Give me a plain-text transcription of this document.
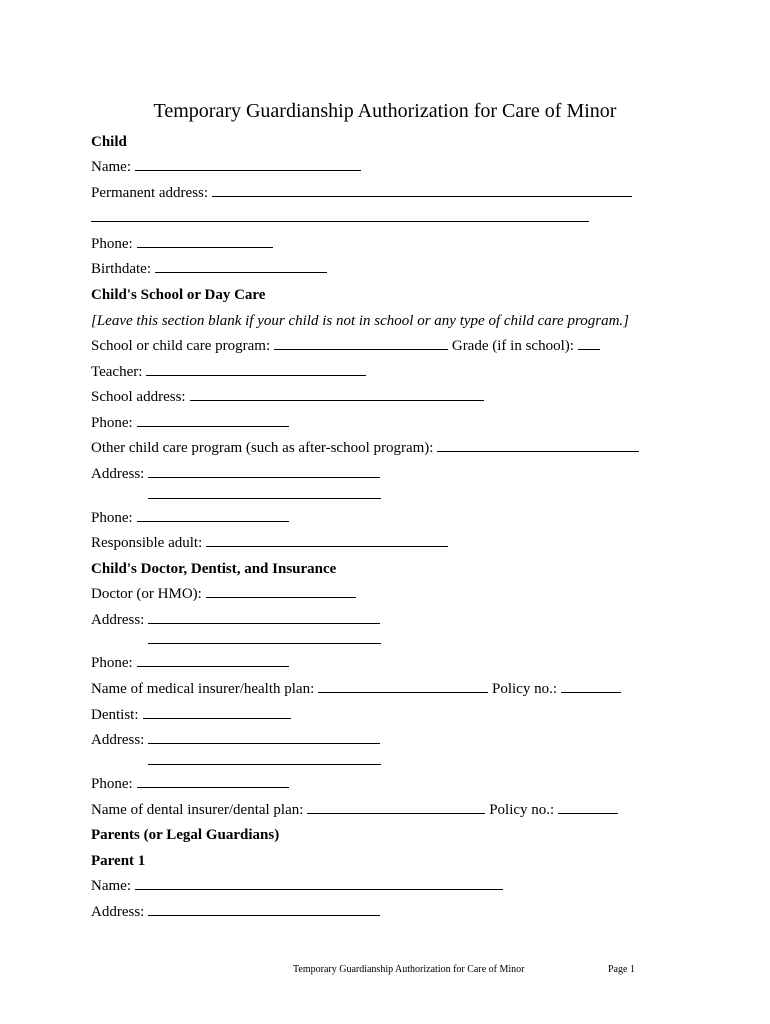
Temporary Guardianship Authorization for Care of Minor
Child
Name:
Permanent address:
Phone:
Birthdate:
Child's School or Day Care
[Leave this section blank if your child is not in school or any type of child care program.]
School or child care program:	Grade (if in school):
Teacher:
School address:
Phone:
Other child care program (such as after-school program):
Address:
Phone:
Responsible adult:
Child's Doctor, Dentist, and Insurance
Doctor (or HMO):
Address:
Phone:
Name of medical insurer/health plan:	Policy no.:
Dentist:
Address:
Phone:
Name of dental insurer/dental plan:	Policy no.:
Parents (or Legal Guardians)
Parent 1
Name:
Address:
Temporary Guardianship Authorization for Care of Minor	Page 1
